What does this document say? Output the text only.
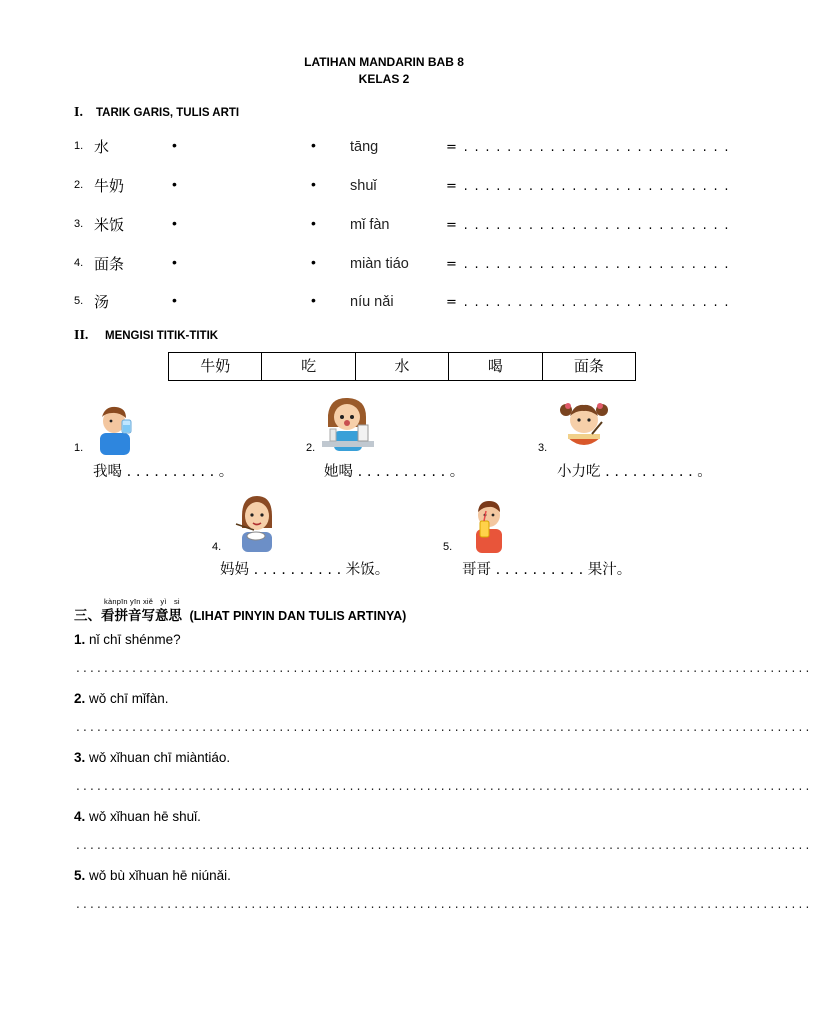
LATIHAN MANDARIN BAB 8
KELAS 2
I. TARIK GARIS, TULIS ARTI
1. 水	•	• tāng	= . . . . . . . . . . . . . . . . . . . . . . . . .
2. 牛奶	•	• shuǐ	= . . . . . . . . . . . . . . . . . . . . . . . . .
3. 米饭	•	• mǐ fàn	= . . . . . . . . . . . . . . . . . . . . . . . . .
4. 面条	•	• miàn tiáo	= . . . . . . . . . . . . . . . . . . . . . . . . .
5. 汤	•	• níu nǎi	= . . . . . . . . . . . . . . . . . . . . . . . . .
II. MENGISI TITIK-TITIK
牛奶	吃	水	喝	面条
1.	2.	3.
我喝 . . . . . . . . . . 。	她喝 . . . . . . . . . . 。	小力吃 . . . . . . . . . . 。
4.	5.
妈妈 . . . . . . . . . . 米饭。	哥哥 . . . . . . . . . . 果汁。
kànpīn yīn xiě yì si
三、看拼音写意思 (LIHAT PINYIN DAN TULIS ARTINYA)
1. nǐ chī shénme?
.........................................................................................................
2. wǒ chī mǐfàn.
.........................................................................................................
3. wǒ xǐhuan chī miàntiáo.
.........................................................................................................
4. wǒ xǐhuan hē shuǐ.
.........................................................................................................
5. wǒ bù xǐhuan hē niúnǎi.
.........................................................................................................
